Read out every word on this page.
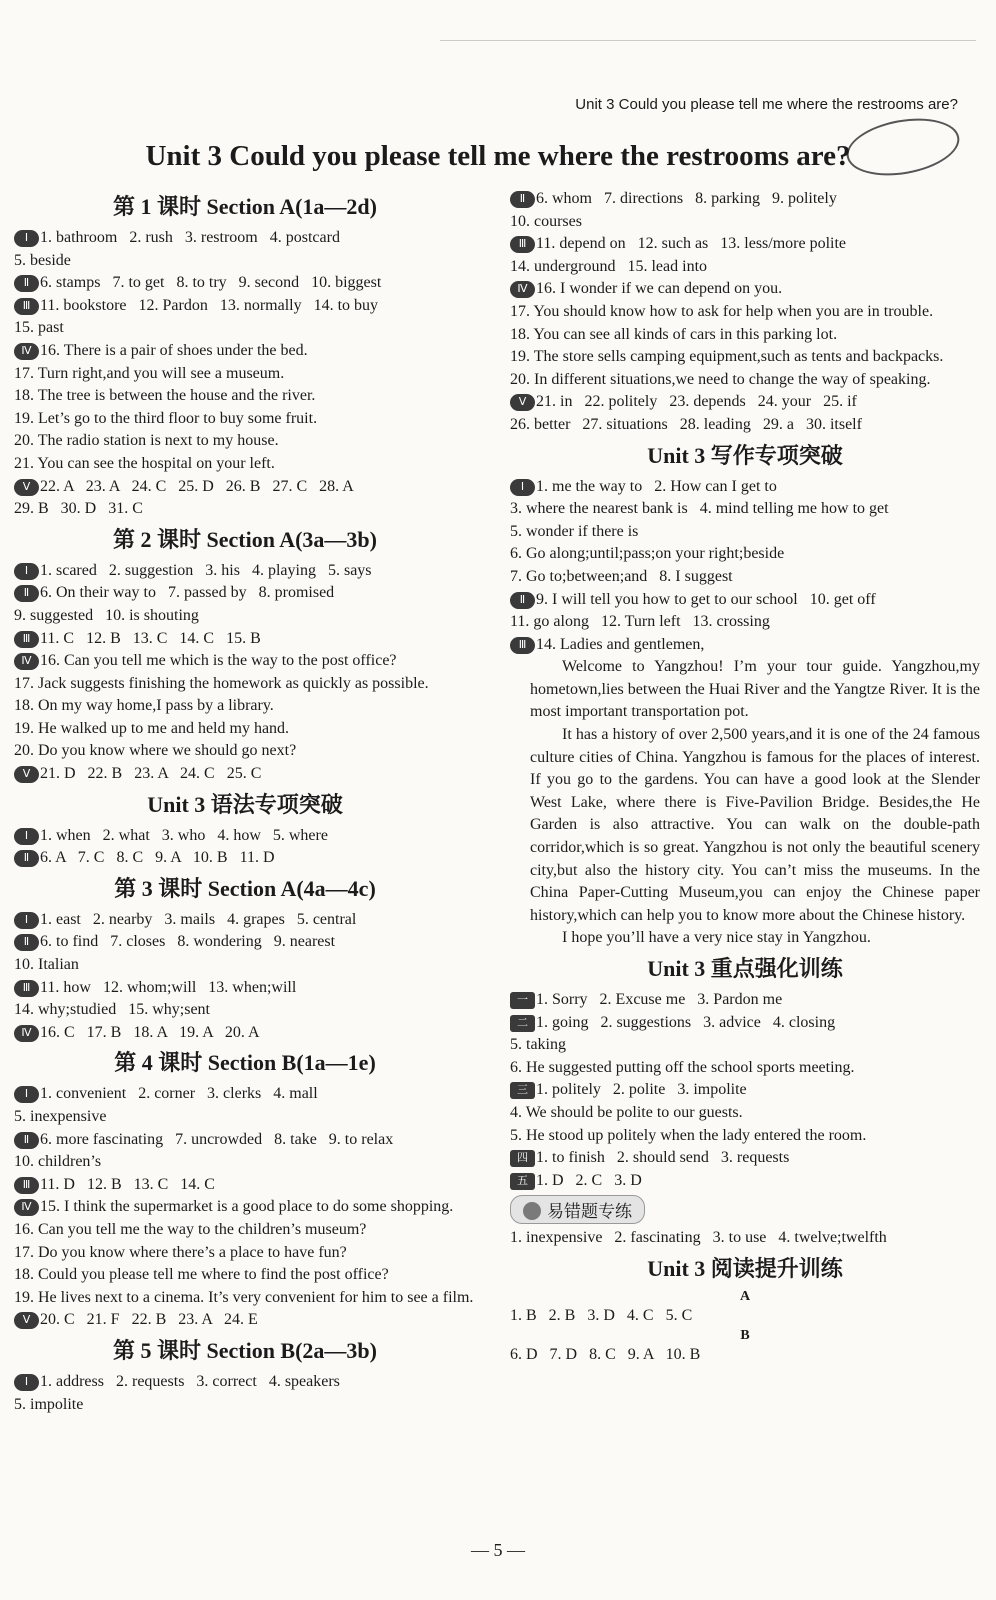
Unit 3 Could you please tell me where the restrooms are?
Unit 3 Could you please tell me where the restrooms are?
第 1 课时 Section A(1a—2d)
Ⅰ 1. bathroom   2. rush   3. restroom   4. postcard
5. beside
Ⅱ 6. stamps   7. to get   8. to try   9. second   10. biggest
Ⅲ 11. bookstore   12. Pardon   13. normally   14. to buy
15. past
Ⅳ 16. There is a pair of shoes under the bed.
17. Turn right,and you will see a museum.
18. The tree is between the house and the river.
19. Let’s go to the third floor to buy some fruit.
20. The radio station is next to my house.
21. You can see the hospital on your left.
Ⅴ 22. A   23. A   24. C   25. D   26. B   27. C   28. A
29. B   30. D   31. C
第 2 课时 Section A(3a—3b)
Ⅰ 1. scared   2. suggestion   3. his   4. playing   5. says
Ⅱ 6. On their way to   7. passed by   8. promised
9. suggested   10. is shouting
Ⅲ 11. C   12. B   13. C   14. C   15. B
Ⅳ 16. Can you tell me which is the way to the post office?
17. Jack suggests finishing the homework as quickly as possible.
18. On my way home,I pass by a library.
19. He walked up to me and held my hand.
20. Do you know where we should go next?
Ⅴ 21. D   22. B   23. A   24. C   25. C
Unit 3 语法专项突破
Ⅰ 1. when   2. what   3. who   4. how   5. where
Ⅱ 6. A   7. C   8. C   9. A   10. B   11. D
第 3 课时 Section A(4a—4c)
Ⅰ 1. east   2. nearby   3. mails   4. grapes   5. central
Ⅱ 6. to find   7. closes   8. wondering   9. nearest
10. Italian
Ⅲ 11. how   12. whom;will   13. when;will
14. why;studied   15. why;sent
Ⅳ 16. C   17. B   18. A   19. A   20. A
第 4 课时 Section B(1a—1e)
Ⅰ 1. convenient   2. corner   3. clerks   4. mall
5. inexpensive
Ⅱ 6. more fascinating   7. uncrowded   8. take   9. to relax
10. children’s
Ⅲ 11. D   12. B   13. C   14. C
Ⅳ 15. I think the supermarket is a good place to do some shopping.
16. Can you tell me the way to the children’s museum?
17. Do you know where there’s a place to have fun?
18. Could you please tell me where to find the post office?
19. He lives next to a cinema. It’s very convenient for him to see a film.
Ⅴ 20. C   21. F   22. B   23. A   24. E
第 5 课时 Section B(2a—3b)
Ⅰ 1. address   2. requests   3. correct   4. speakers
5. impolite
Ⅱ 6. whom   7. directions   8. parking   9. politely
10. courses
Ⅲ 11. depend on   12. such as   13. less/more polite
14. underground   15. lead into
Ⅳ 16. I wonder if we can depend on you.
17. You should know how to ask for help when you are in trouble.
18. You can see all kinds of cars in this parking lot.
19. The store sells camping equipment,such as tents and backpacks.
20. In different situations,we need to change the way of speaking.
Ⅴ 21. in   22. politely   23. depends   24. your   25. if
26. better   27. situations   28. leading   29. a   30. itself
Unit 3 写作专项突破
Ⅰ 1. me the way to   2. How can I get to
3. where the nearest bank is   4. mind telling me how to get
5. wonder if there is
6. Go along;until;pass;on your right;beside
7. Go to;between;and   8. I suggest
Ⅱ 9. I will tell you how to get to our school   10. get off
11. go along   12. Turn left   13. crossing
Ⅲ 14. Ladies and gentlemen,
Welcome to Yangzhou! I’m your tour guide. Yangzhou,my hometown,lies between the Huai River and the Yangtze River. It is the most important transportation pot.
It has a history of over 2,500 years,and it is one of the 24 famous culture cities of China. Yangzhou is famous for the places of interest. If you go to the gardens. You can have a good look at the Slender West Lake, where there is Five-Pavilion Bridge. Besides,the He Garden is also attractive. You can walk on the double-path corridor,which is so great. Yangzhou is not only the beautiful scenery city,but also the history city. You can’t miss the museums. In the China Paper-Cutting Museum,you can enjoy the Chinese paper history,which can help you to know more about the Chinese history.
I hope you’ll have a very nice stay in Yangzhou.
Unit 3 重点强化训练
一 1. Sorry   2. Excuse me   3. Pardon me
二 1. going   2. suggestions   3. advice   4. closing
5. taking
6. He suggested putting off the school sports meeting.
三 1. politely   2. polite   3. impolite
4. We should be polite to our guests.
5. He stood up politely when the lady entered the room.
四 1. to finish   2. should send   3. requests
五 1. D   2. C   3. D
易错题专练
1. inexpensive   2. fascinating   3. to use   4. twelve;twelfth
Unit 3 阅读提升训练
A
1. B   2. B   3. D   4. C   5. C
B
6. D   7. D   8. C   9. A   10. B
— 5 —
